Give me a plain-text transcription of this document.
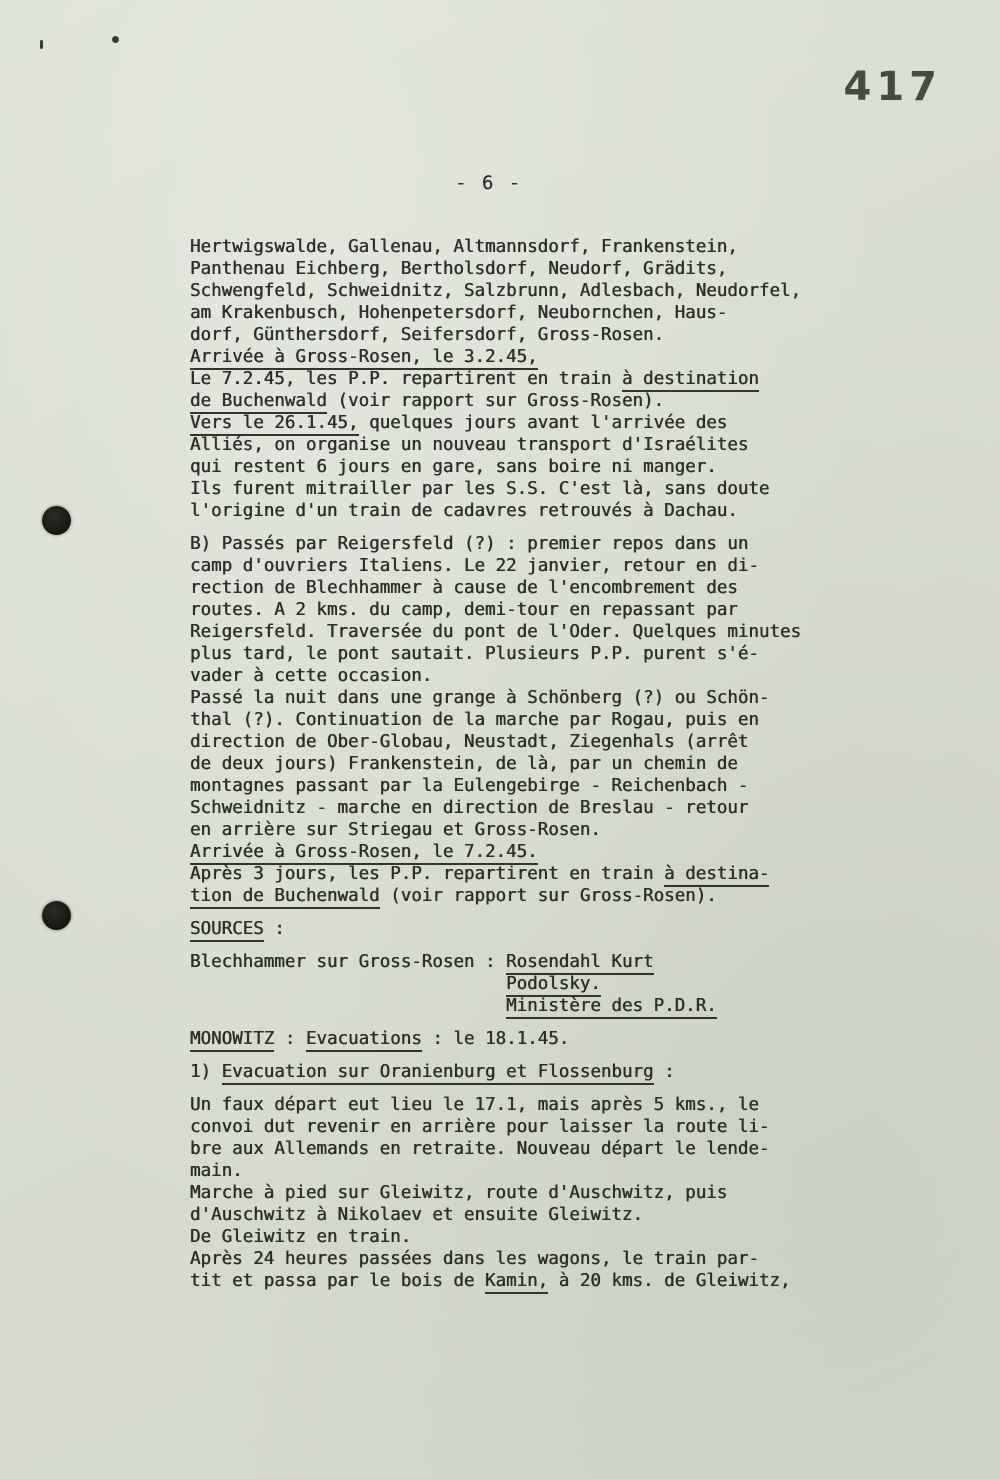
417
- 6 -
Hertwigswalde, Gallenau, Altmannsdorf, Frankenstein,
Panthenau Eichberg, Bertholsdorf, Neudorf, Grädits,
Schwengfeld, Schweidnitz, Salzbrunn, Adlesbach, Neudorfel,
am Krakenbusch, Hohenpetersdorf, Neubornchen, Haus-
dorf, Günthersdorf, Seifersdorf, Gross-Rosen.
Arrivée à Gross-Rosen, le 3.2.45,
Le 7.2.45, les P.P. repartirent en train à destination
de Buchenwald (voir rapport sur Gross-Rosen).
Vers le 26.1.45, quelques jours avant l'arrivée des
Alliés, on organise un nouveau transport d'Israélites
qui restent 6 jours en gare, sans boire ni manger.
Ils furent mitrailler par les S.S. C'est là, sans doute
l'origine d'un train de cadavres retrouvés à Dachau.
B) Passés par Reigersfeld (?) : premier repos dans un
camp d'ouvriers Italiens. Le 22 janvier, retour en di-
rection de Blechhammer à cause de l'encombrement des
routes. A 2 kms. du camp, demi-tour en repassant par
Reigersfeld. Traversée du pont de l'Oder. Quelques minutes
plus tard, le pont sautait. Plusieurs P.P. purent s'é-
vader à cette occasion.
Passé la nuit dans une grange à Schönberg (?) ou Schön-
thal (?). Continuation de la marche par Rogau, puis en
direction de Ober-Globau, Neustadt, Ziegenhals (arrêt
de deux jours) Frankenstein, de là, par un chemin de
montagnes passant par la Eulengebirge - Reichenbach -
Schweidnitz - marche en direction de Breslau - retour
en arrière sur Striegau et Gross-Rosen.
Arrivée à Gross-Rosen, le 7.2.45.
Après 3 jours, les P.P. repartirent en train à destina-
tion de Buchenwald (voir rapport sur Gross-Rosen).
SOURCES :
Blechhammer sur Gross-Rosen : Rosendahl Kurt
Podolsky.
Ministère des P.D.R.
MONOWITZ : Evacuations : le 18.1.45.
1) Evacuation sur Oranienburg et Flossenburg :
Un faux départ eut lieu le 17.1, mais après 5 kms., le
convoi dut revenir en arrière pour laisser la route li-
bre aux Allemands en retraite. Nouveau départ le lende-
main.
Marche à pied sur Gleiwitz, route d'Auschwitz, puis
d'Auschwitz à Nikolaev et ensuite Gleiwitz.
De Gleiwitz en train.
Après 24 heures passées dans les wagons, le train par-
tit et passa par le bois de Kamin, à 20 kms. de Gleiwitz,
